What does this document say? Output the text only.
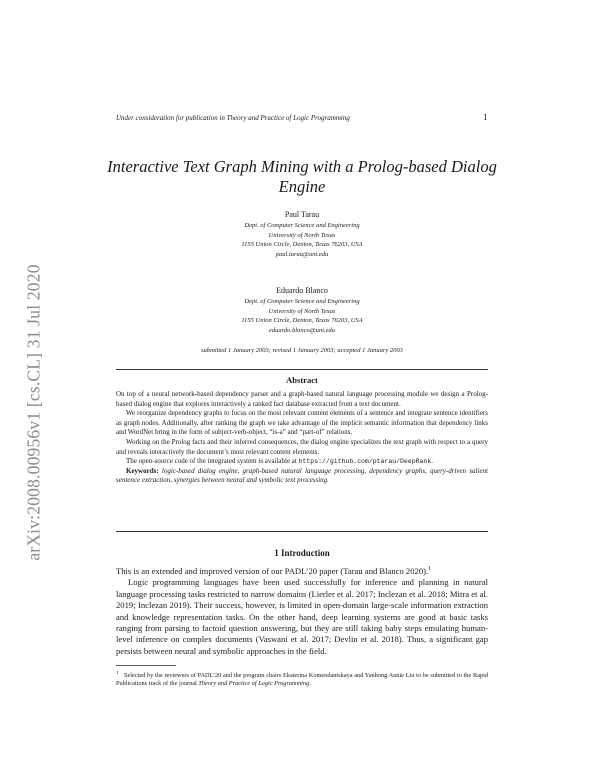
arXiv:2008.00956v1 [cs.CL] 31 Jul 2020
Under consideration for publication in Theory and Practice of Logic Programming	1
Interactive Text Graph Mining with a Prolog-based Dialog Engine
Paul Tarau
Dept. of Computer Science and Engineering
University of North Texas
1155 Union Circle, Denton, Texas 76203, USA
paul.tarau@unt.edu
Eduardo Blanco
Dept. of Computer Science and Engineering
University of North Texas
1155 Union Circle, Denton, Texas 76203, USA
eduardo.blanco@unt.edu
submitted 1 January 2003; revised 1 January 2003; accepted 1 January 2003
Abstract

On top of a neural network-based dependency parser and a graph-based natural language processing module we design a Prolog-based dialog engine that explores interactively a ranked fact database extracted from a text document.

We reorganize dependency graphs to focus on the most relevant content elements of a sentence and integrate sentence identifiers as graph nodes. Additionally, after ranking the graph we take advantage of the implicit semantic information that dependency links and WordNet bring in the form of subject-verb-object, “is-a” and “part-of” relations.

Working on the Prolog facts and their inferred consequences, the dialog engine specializes the text graph with respect to a query and reveals interactively the document’s most relevant content elements.

The open-source code of the integrated system is available at https://github.com/ptarau/DeepRank.

Keywords: logic-based dialog engine, graph-based natural language processing, dependency graphs, query-driven salient sentence extraction, synergies between neural and symbolic text processing.

1 Introduction

This is an extended and improved version of our PADL’20 paper (Tarau and Blanco 2020).$^1$

Logic programming languages have been used successfully for inference and planning in natural language processing tasks restricted to narrow domains (Lierler et al. 2017; Inclezan et al. 2018; Mitra et al. 2019; Inclezan 2019). Their success, however, is limited in open-domain large-scale information extraction and knowledge representation tasks. On the other hand, deep learning systems are good at basic tasks ranging from parsing to factoid question answering, but they are still taking baby steps emulating human-level inference on complex documents (Vaswani et al. 2017; Devlin et al. 2018). Thus, a significant gap persists between neural and symbolic approaches in the field.

1 Selected by the reviewers of PADL’20 and the program chairs Ekaterina Komendantskaya and Yanhong Annie Liu to be submitted to the Rapid Publications track of the journal Theory and Practice of Logic Programming.
